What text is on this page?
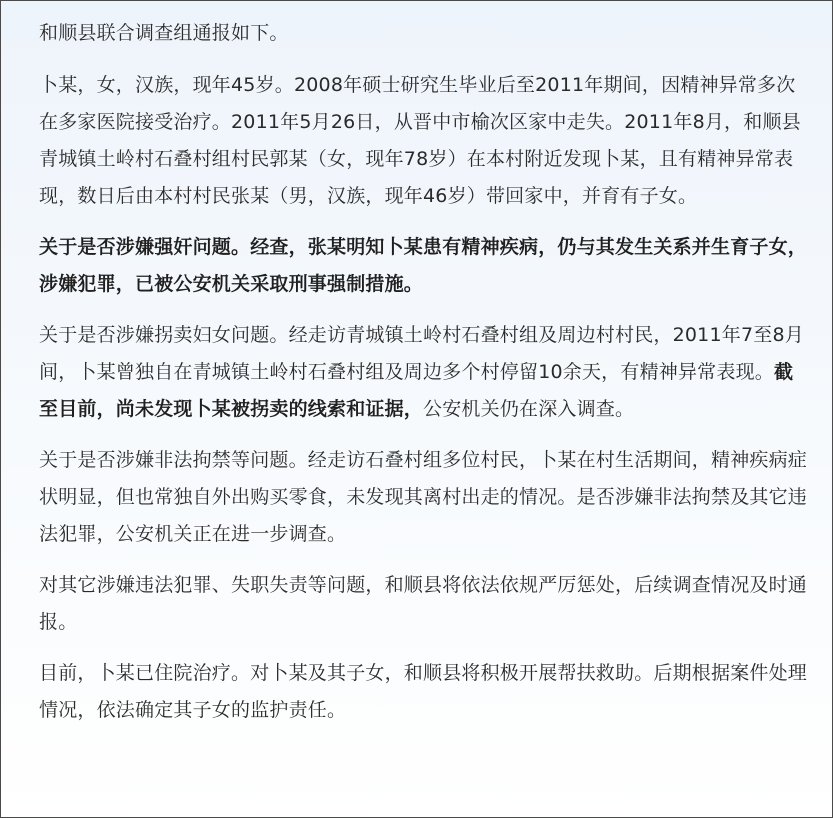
和顺县联合调查组通报如下。

卜某，女，汉族，现年45岁。2008年硕士研究生毕业后至2011年期间，因精神异常多次在多家医院接受治疗。2011年5月26日，从晋中市榆次区家中走失。2011年8月，和顺县青城镇土岭村石叠村组村民郭某（女，现年78岁）在本村附近发现卜某，且有精神异常表现，数日后由本村村民张某（男，汉族，现年46岁）带回家中，并育有子女。

关于是否涉嫌强奸问题。经查，张某明知卜某患有精神疾病，仍与其发生关系并生育子女，涉嫌犯罪，已被公安机关采取刑事强制措施。

关于是否涉嫌拐卖妇女问题。经走访青城镇土岭村石叠村组及周边村村民，2011年7至8月间，卜某曾独自在青城镇土岭村石叠村组及周边多个村停留10余天，有精神异常表现。截至目前，尚未发现卜某被拐卖的线索和证据，公安机关仍在深入调查。

关于是否涉嫌非法拘禁等问题。经走访石叠村组多位村民，卜某在村生活期间，精神疾病症状明显，但也常独自外出购买零食，未发现其离村出走的情况。是否涉嫌非法拘禁及其它违法犯罪，公安机关正在进一步调查。

对其它涉嫌违法犯罪、失职失责等问题，和顺县将依法依规严厉惩处，后续调查情况及时通报。

目前，卜某已住院治疗。对卜某及其子女，和顺县将积极开展帮扶救助。后期根据案件处理情况，依法确定其子女的监护责任。
